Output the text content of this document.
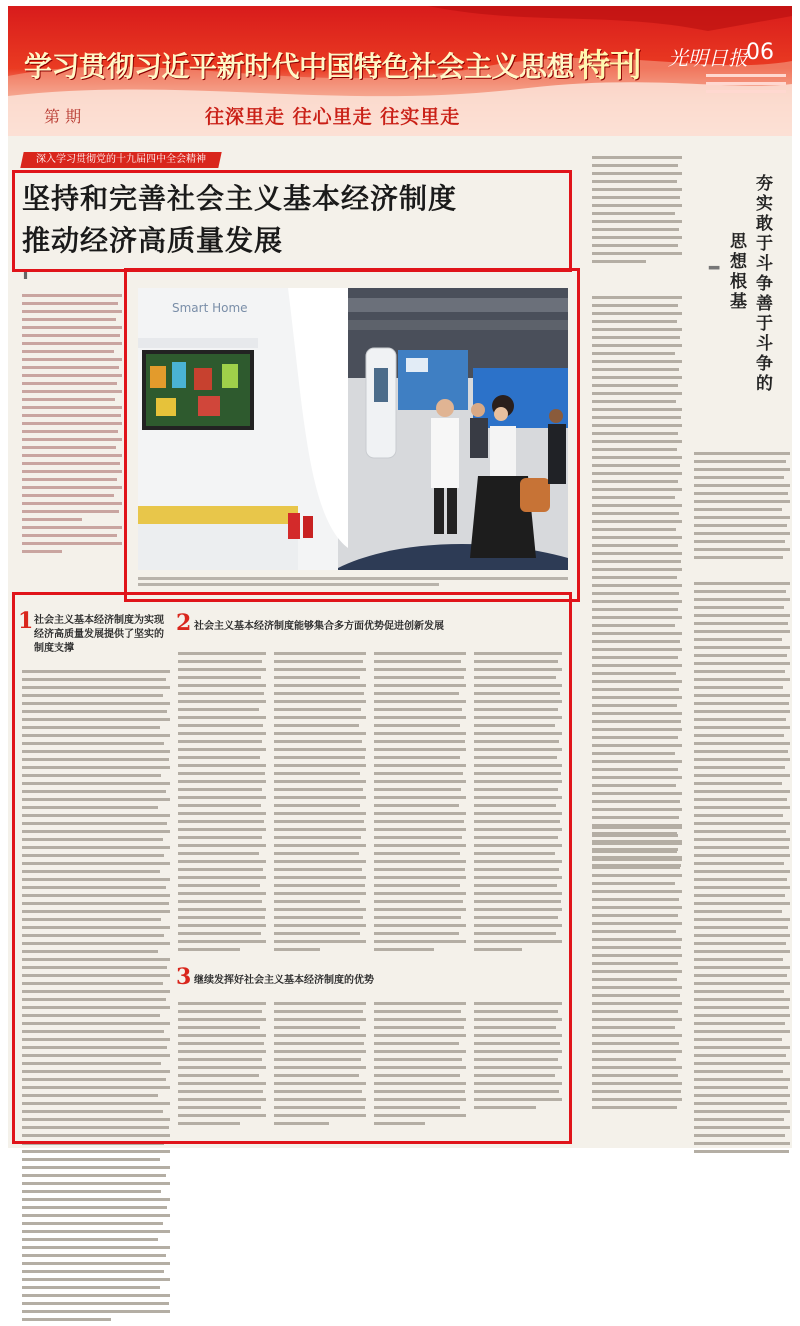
学习贯彻习近平新时代中国特色社会主义思想 特刊 光明日报
06
第 期	往深里走 往心里走 往实里走
深入学习贯彻党的十九届四中全会精神
坚持和完善社会主义基本经济制度
推动经济高质量发展
▌
Smart Home
1 社会主义基本经济制度为实现经济高质量发展提供了坚实的制度支撑
2 社会主义基本经济制度能够集合多方面优势促进创新发展
3 继续发挥好社会主义基本经济制度的优势
夯实敢于斗争善于斗争的
思想根基
▌
